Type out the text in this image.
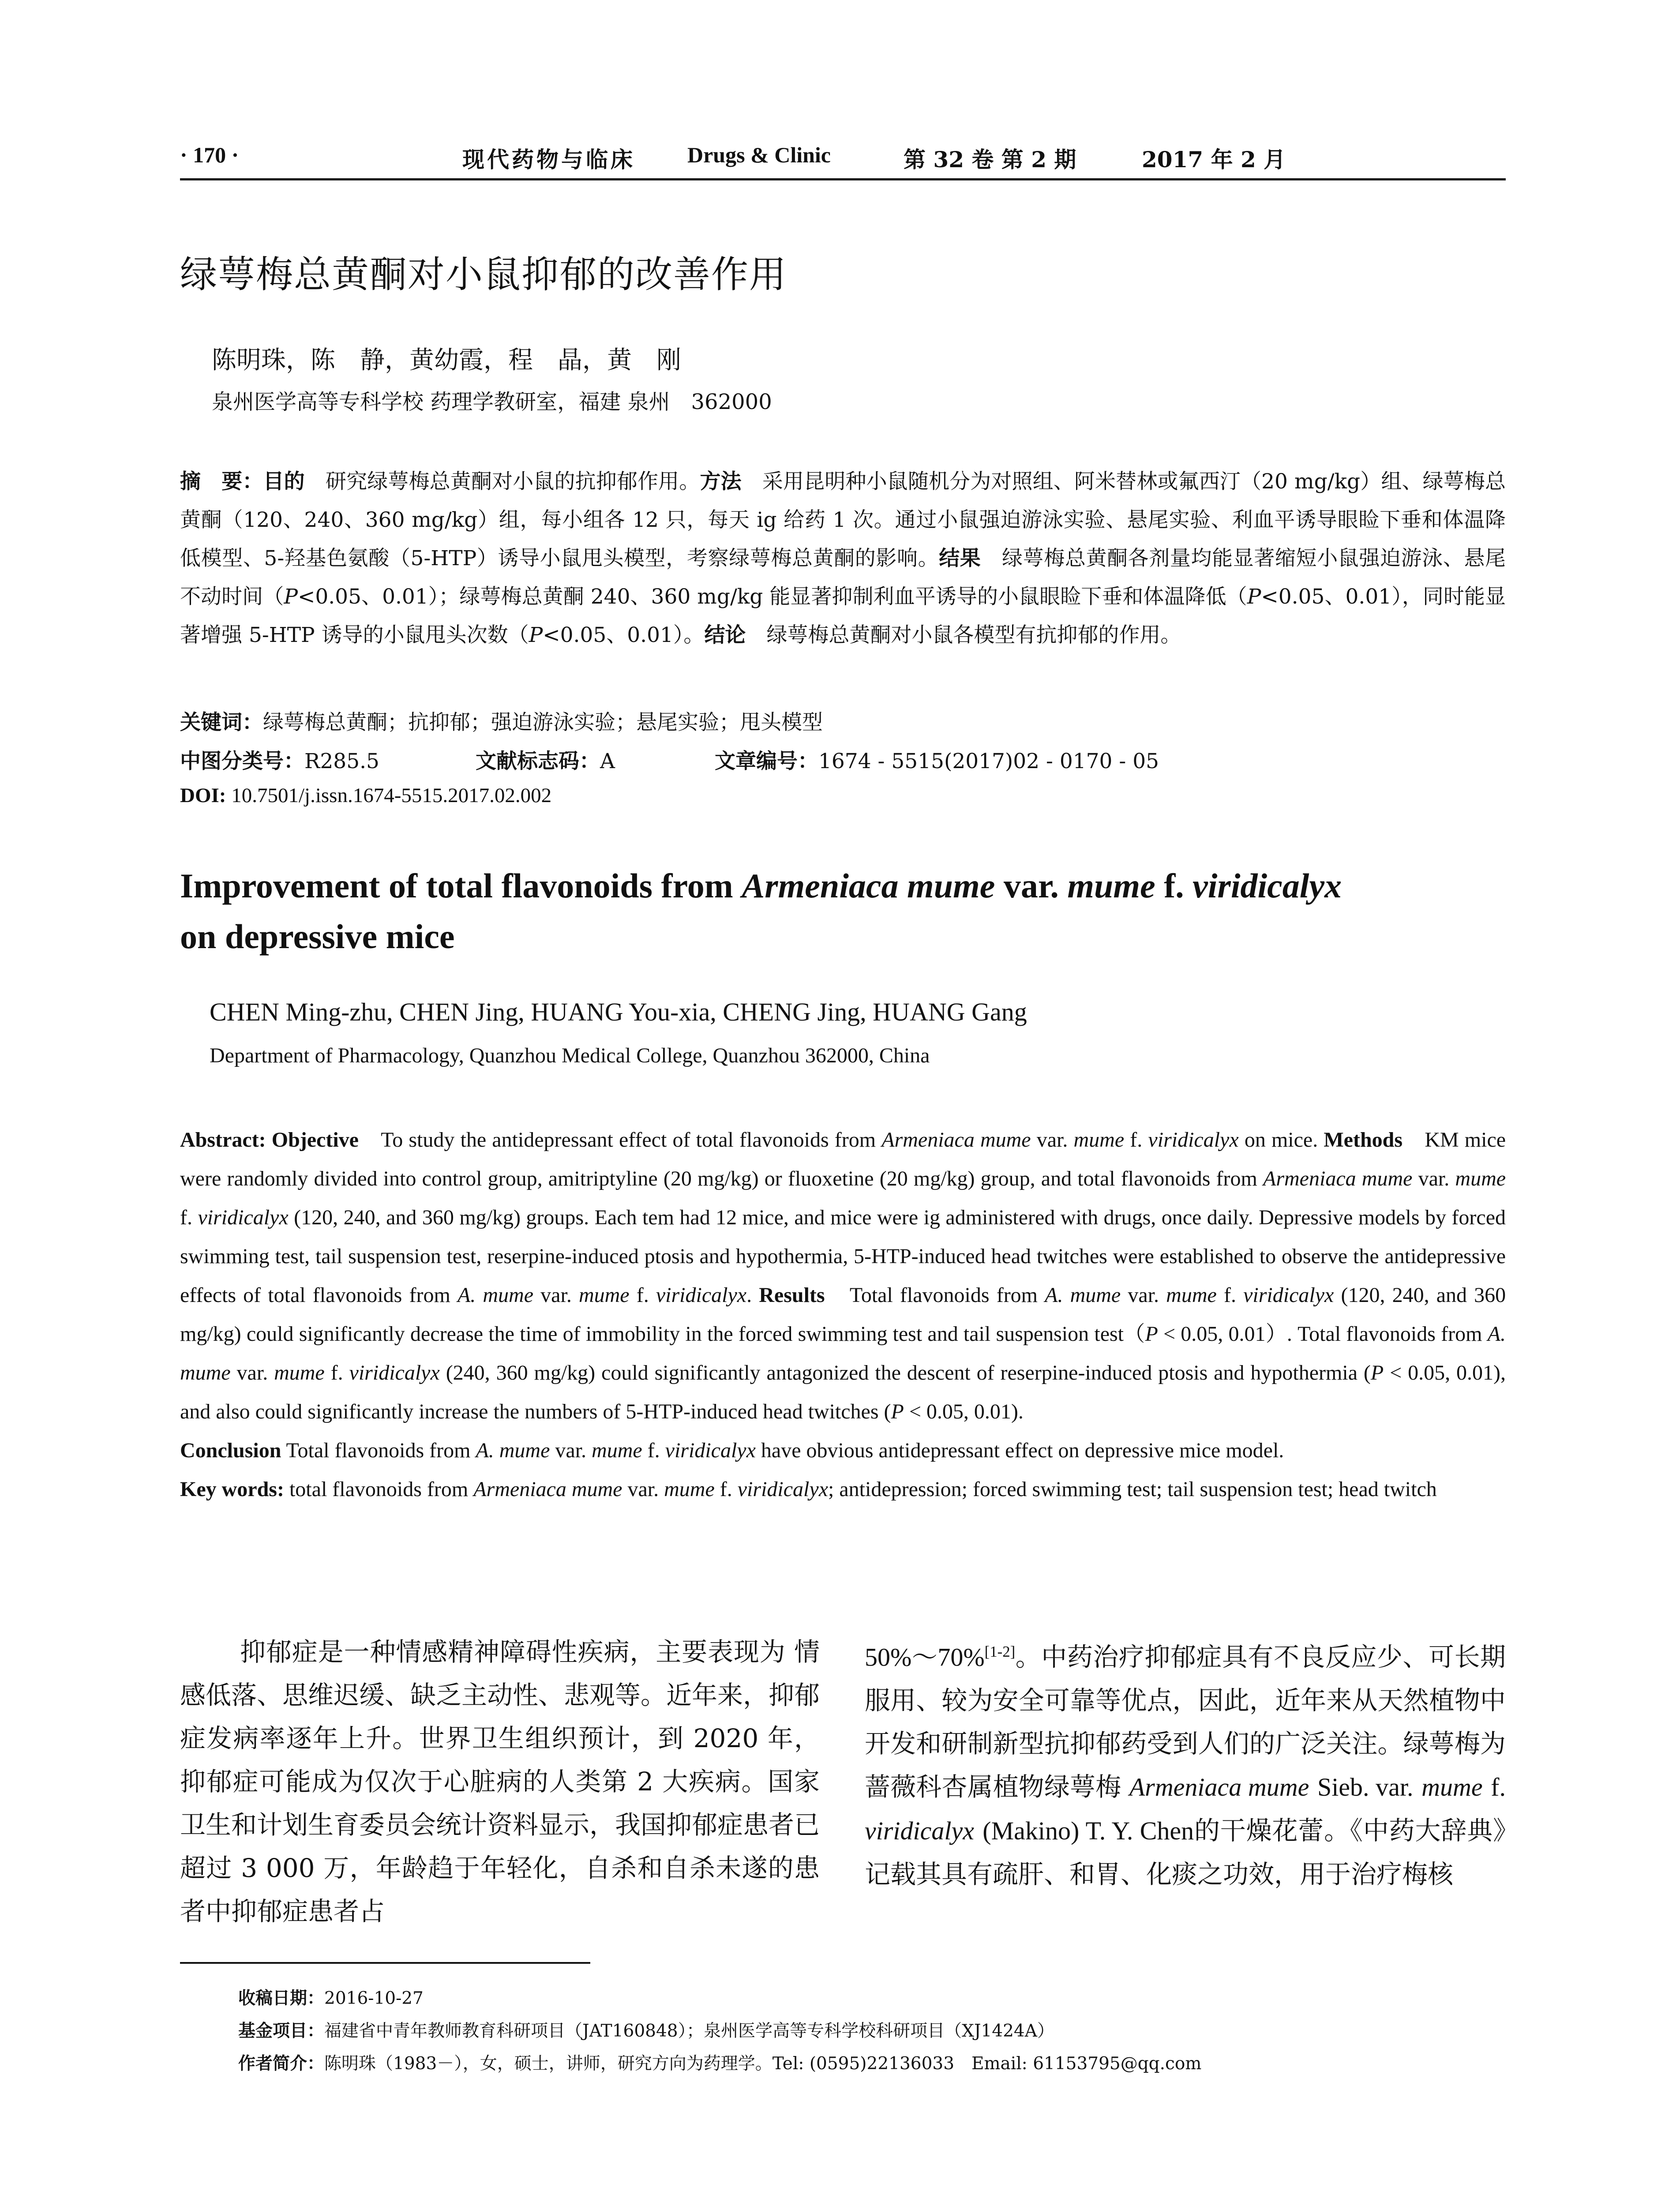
· 170 ·	现代药物与临床 Drugs & Clinic	第 32 卷 第 2 期	2017 年 2 月
绿萼梅总黄酮对小鼠抑郁的改善作用
陈明珠，陈　静，黄幼霞，程　晶，黄　刚
泉州医学高等专科学校 药理学教研室，福建 泉州　362000
摘　要：目的　 研究绿萼梅总黄酮对小鼠的抗抑郁作用。方法　 采用昆明种小鼠随机分为对照组、阿米替林或氟西汀（20 mg/kg）组、绿萼梅总黄酮（120、240、360 mg/kg）组，每小组各 12 只，每天 ig 给药 1 次。通过小鼠强迫游泳实验、悬尾实验、利血平诱导眼睑下垂和体温降低模型、5-羟基色氨酸（5-HTP）诱导小鼠甩头模型，考察绿萼梅总黄酮的影响。结果　 绿萼梅总黄酮各剂量均能显著缩短小鼠强迫游泳、悬尾不动时间（P<0.05、0.01）；绿萼梅总黄酮 240、360 mg/kg 能显著抑制利血平诱导的小鼠眼睑下垂和体温降低（P<0.05、0.01），同时能显著增强 5-HTP 诱导的小鼠甩头次数（P<0.05、0.01）。结论　 绿萼梅总黄酮对小鼠各模型有抗抑郁的作用。
关键词：绿萼梅总黄酮；抗抑郁；强迫游泳实验；悬尾实验；甩头模型
中图分类号：R285.5	文献标志码：A	文章编号：1674 - 5515(2017)02 - 0170 - 05
DOI: 10.7501/j.issn.1674-5515.2017.02.002
Improvement of total flavonoids from Armeniaca mume var. mume f. viridicalyx
on depressive mice
CHEN Ming-zhu, CHEN Jing, HUANG You-xia, CHENG Jing, HUANG Gang
Department of Pharmacology, Quanzhou Medical College, Quanzhou 362000, China
Abstract: Objective　 To study the antidepressant effect of total flavonoids from Armeniaca mume var. mume f. viridicalyx on mice. Methods　 KM mice were randomly divided into control group, amitriptyline (20 mg/kg) or fluoxetine (20 mg/kg) group, and total flavonoids from Armeniaca mume var. mume f. viridicalyx (120, 240, and 360 mg/kg) groups. Each tem had 12 mice, and mice were ig administered with drugs, once daily. Depressive models by forced swimming test, tail suspension test, reserpine-induced ptosis and hypothermia, 5-HTP-induced head twitches were established to observe the antidepressive effects of total flavonoids from A. mume var. mume f. viridicalyx. Results　 Total flavonoids from A. mume var. mume f. viridicalyx (120, 240, and 360 mg/kg) could significantly decrease the time of immobility in the forced swimming test and tail suspension test（P < 0.05, 0.01）. Total flavonoids from A. mume var. mume f. viridicalyx (240, 360 mg/kg) could significantly antagonized the descent of reserpine-induced ptosis and hypothermia (P < 0.05, 0.01), and also could significantly increase the numbers of 5-HTP-induced head twitches (P < 0.05, 0.01).
Conclusion Total flavonoids from A. mume var. mume f. viridicalyx have obvious antidepressant effect on depressive mice model.
Key words: total flavonoids from Armeniaca mume var. mume f. viridicalyx; antidepression; forced swimming test; tail suspension test; head twitch
抑郁症是一种情感精神障碍性疾病，主要表现为 情感低落、思维迟缓、缺乏主动性、悲观等。近年来，抑郁症发病率逐年上升。世界卫生组织预计，到 2020 年，抑郁症可能成为仅次于心脏病的人类第 2 大疾病。国家卫生和计划生育委员会统计资料显示，我国抑郁症患者已超过 3 000 万，年龄趋于年轻化，自杀和自杀未遂的患者中抑郁症患者占
50%～70%[1-2]。中药治疗抑郁症具有不良反应少、可长期服用、较为安全可靠等优点，因此，近年来从天然植物中开发和研制新型抗抑郁药受到人们的广泛关注。绿萼梅为蔷薇科杏属植物绿萼梅 Armeniaca mume Sieb. var. mume f. viridicalyx (Makino) T. Y. Chen的干燥花蕾。《中药大辞典》记载其具有疏肝、和胃、化痰之功效，用于治疗梅核
收稿日期：2016-10-27
基金项目：福建省中青年教师教育科研项目（JAT160848）；泉州医学高等专科学校科研项目（XJ1424A）
作者简介：陈明珠（1983－），女，硕士，讲师，研究方向为药理学。Tel: (0595)22136033　Email: 61153795@qq.com
